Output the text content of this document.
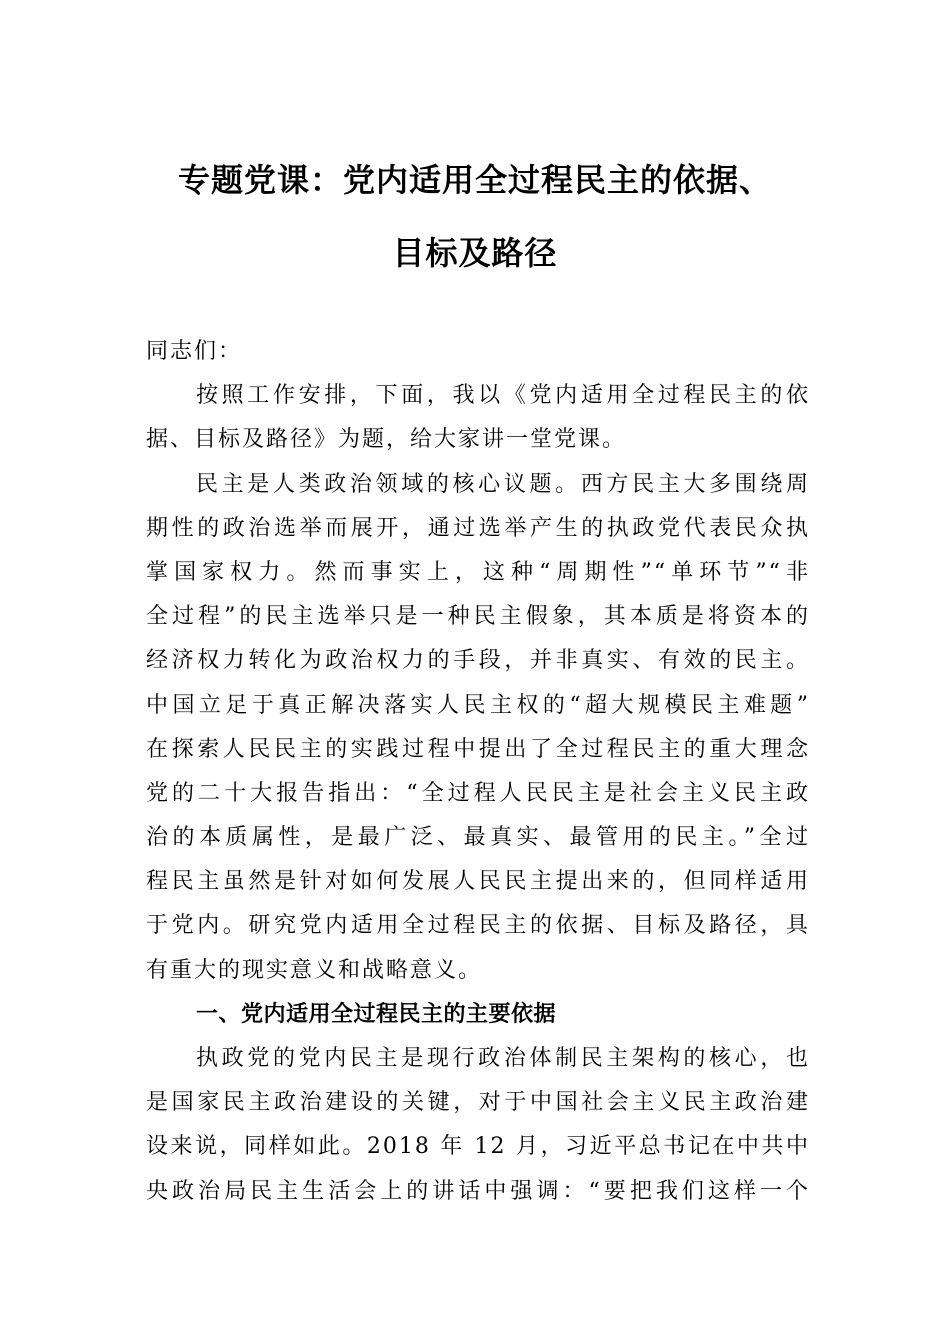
专题党课：党内适用全过程民主的依据、
目标及路径
同志们：
按照工作安排，下面，我以《党内适用全过程民主的依
据、目标及路径》为题，给大家讲一堂党课。
民主是人类政治领域的核心议题。西方民主大多围绕周
期性的政治选举而展开，通过选举产生的执政党代表民众执
掌国家权力。然而事实上，这种“周期性”“单环节”“非
全过程”的民主选举只是一种民主假象，其本质是将资本的
经济权力转化为政治权力的手段，并非真实、有效的民主。
中国立足于真正解决落实人民主权的“超大规模民主难题”
在探索人民民主的实践过程中提出了全过程民主的重大理念
党的二十大报告指出：“全过程人民民主是社会主义民主政
治的本质属性，是最广泛、最真实、最管用的民主。”全过
程民主虽然是针对如何发展人民民主提出来的，但同样适用
于党内。研究党内适用全过程民主的依据、目标及路径，具
有重大的现实意义和战略意义。
一、党内适用全过程民主的主要依据
执政党的党内民主是现行政治体制民主架构的核心，也
是国家民主政治建设的关键，对于中国社会主义民主政治建
设来说，同样如此。2018 年 12 月，习近平总书记在中共中
央政治局民主生活会上的讲话中强调：“要把我们这样一个
